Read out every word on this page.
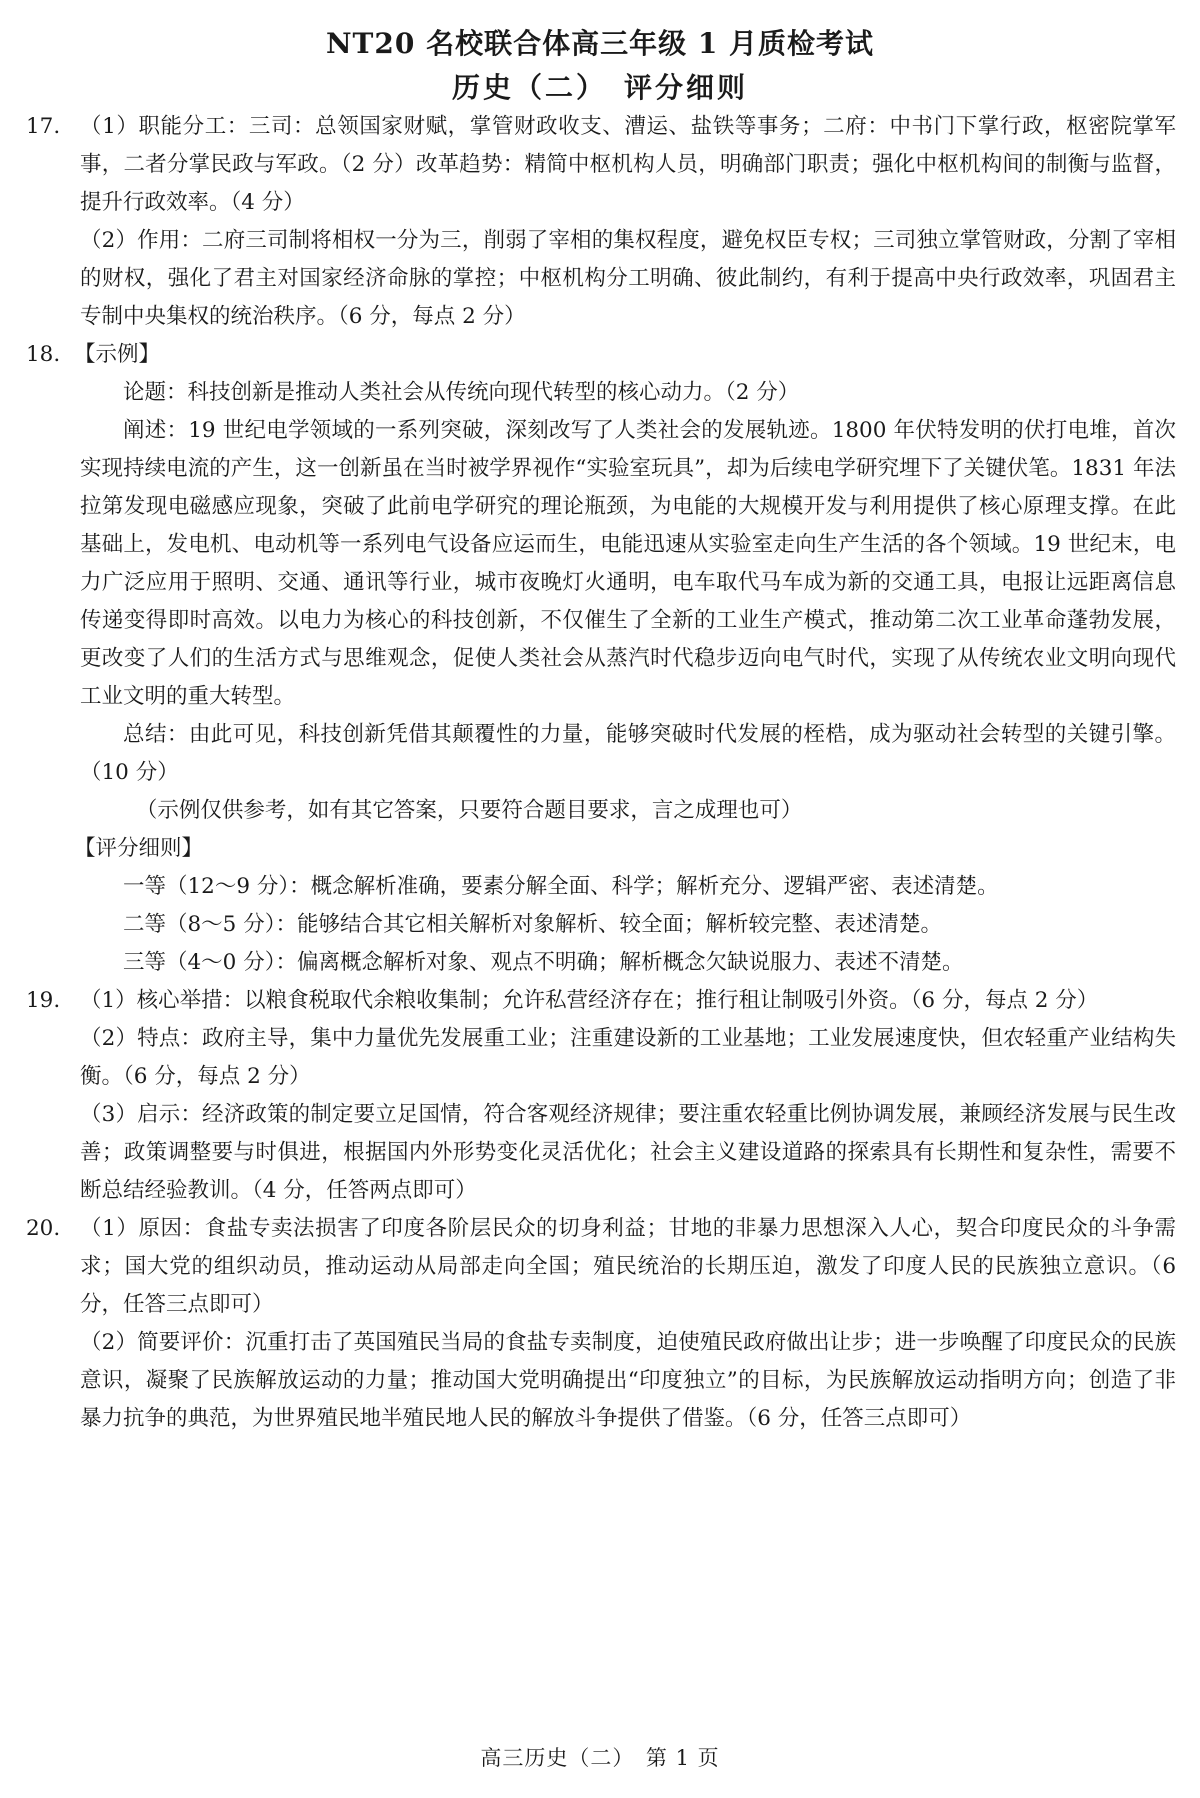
NT20 名校联合体高三年级 1 月质检考试
历史（二）　评分细则
17. （1）职能分工：三司：总领国家财赋，掌管财政收支、漕运、盐铁等事务；二府：中书门下掌行政，枢密院掌军事，二者分掌民政与军政。（2 分）改革趋势：精简中枢机构人员，明确部门职责；强化中枢机构间的制衡与监督，提升行政效率。（4 分）

（2）作用：二府三司制将相权一分为三，削弱了宰相的集权程度，避免权臣专权；三司独立掌管财政，分割了宰相的财权，强化了君主对国家经济命脉的掌控；中枢机构分工明确、彼此制约，有利于提高中央行政效率，巩固君主专制中央集权的统治秩序。（6 分，每点 2 分）

18. 【示例】

论题：科技创新是推动人类社会从传统向现代转型的核心动力。（2 分）

阐述：19 世纪电学领域的一系列突破，深刻改写了人类社会的发展轨迹。1800 年伏特发明的伏打电堆，首次实现持续电流的产生，这一创新虽在当时被学界视作“实验室玩具”，却为后续电学研究埋下了关键伏笔。1831 年法拉第发现电磁感应现象，突破了此前电学研究的理论瓶颈，为电能的大规模开发与利用提供了核心原理支撑。在此基础上，发电机、电动机等一系列电气设备应运而生，电能迅速从实验室走向生产生活的各个领域。19 世纪末，电力广泛应用于照明、交通、通讯等行业，城市夜晚灯火通明，电车取代马车成为新的交通工具，电报让远距离信息传递变得即时高效。以电力为核心的科技创新，不仅催生了全新的工业生产模式，推动第二次工业革命蓬勃发展，更改变了人们的生活方式与思维观念，促使人类社会从蒸汽时代稳步迈向电气时代，实现了从传统农业文明向现代工业文明的重大转型。

总结：由此可见，科技创新凭借其颠覆性的力量，能够突破时代发展的桎梏，成为驱动社会转型的关键引擎。（10 分）

（示例仅供参考，如有其它答案，只要符合题目要求，言之成理也可）

【评分细则】

一等（12～9 分）：概念解析准确，要素分解全面、科学；解析充分、逻辑严密、表述清楚。

二等（8～5 分）：能够结合其它相关解析对象解析、较全面；解析较完整、表述清楚。

三等（4～0 分）：偏离概念解析对象、观点不明确；解析概念欠缺说服力、表述不清楚。

19. （1）核心举措：以粮食税取代余粮收集制；允许私营经济存在；推行租让制吸引外资。（6 分，每点 2 分）

（2）特点：政府主导，集中力量优先发展重工业；注重建设新的工业基地；工业发展速度快，但农轻重产业结构失衡。（6 分，每点 2 分）

（3）启示：经济政策的制定要立足国情，符合客观经济规律；要注重农轻重比例协调发展，兼顾经济发展与民生改善；政策调整要与时俱进，根据国内外形势变化灵活优化；社会主义建设道路的探索具有长期性和复杂性，需要不断总结经验教训。（4 分，任答两点即可）

20. （1）原因：食盐专卖法损害了印度各阶层民众的切身利益；甘地的非暴力思想深入人心，契合印度民众的斗争需求；国大党的组织动员，推动运动从局部走向全国；殖民统治的长期压迫，激发了印度人民的民族独立意识。（6 分，任答三点即可）

（2）简要评价：沉重打击了英国殖民当局的食盐专卖制度，迫使殖民政府做出让步；进一步唤醒了印度民众的民族意识，凝聚了民族解放运动的力量；推动国大党明确提出“印度独立”的目标，为民族解放运动指明方向；创造了非暴力抗争的典范，为世界殖民地半殖民地人民的解放斗争提供了借鉴。（6 分，任答三点即可）

高三历史（二）　第 1 页
